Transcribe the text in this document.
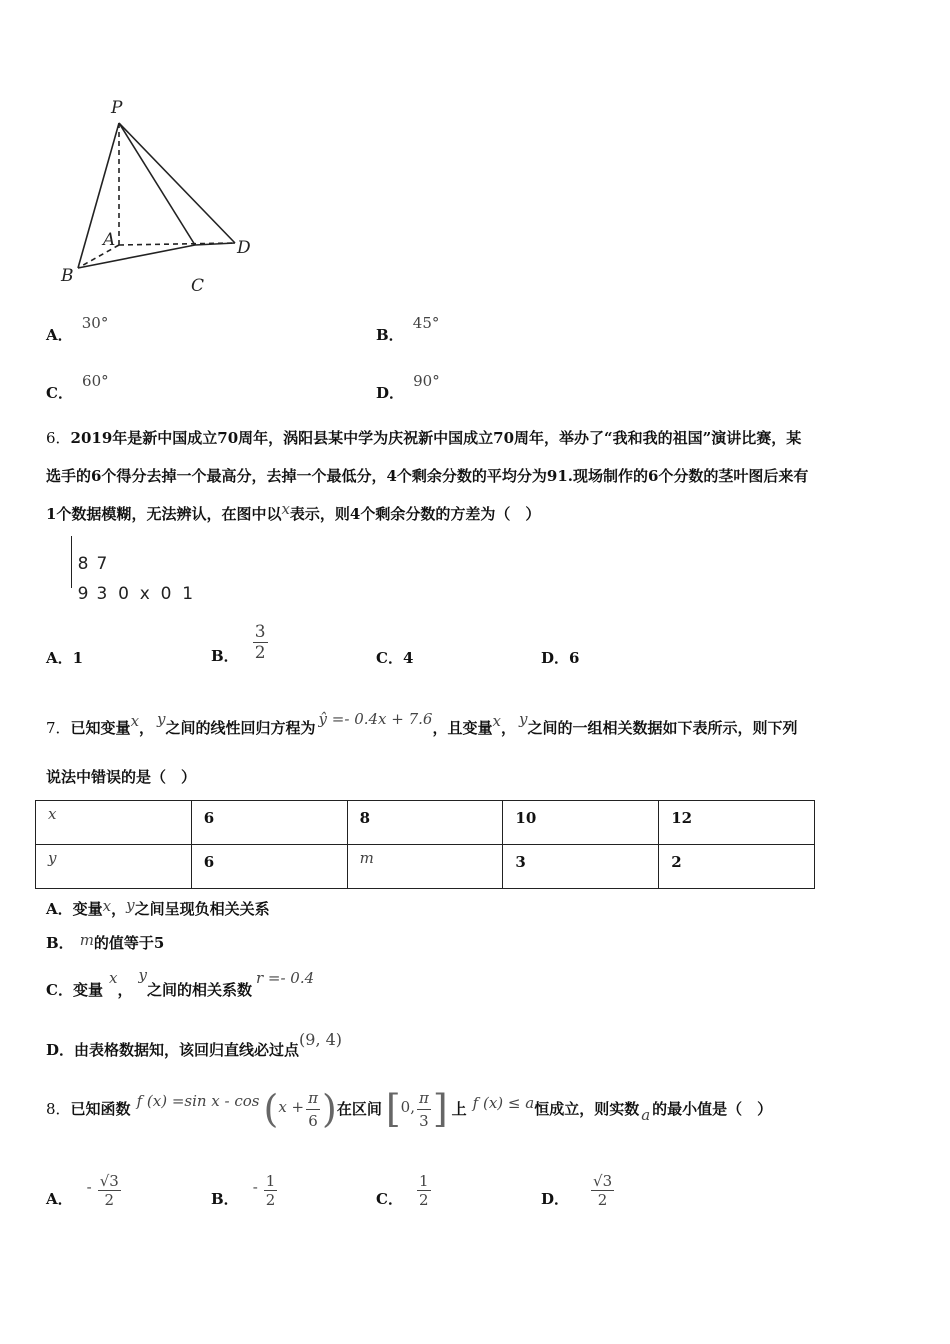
P
A
B	C
D
A． 30°
B． 45°
C． 60°
D． 90°
6．2019年是新中国成立70周年，涡阳县某中学为庆祝新中国成立70周年，举办了“我和我的祖国”演讲比赛，某
选手的6个得分去掉一个最高分，去掉一个最低分，4个剩余分数的平均分为91.现场制作的6个分数的茎叶图后来有
1个数据模糊，无法辨认，在图中以x表示，则4个剩余分数的方差为（　）

8 7

9 3  0  x  0  1

A．1	B． $\frac{3}{2}$	C．4	D．6
7．已知变量x， y之间的线性回归方程为 ŷ =- 0.4x + 7.6，且变量x， y之间的一组相关数据如下表所示，则下列
说法中错误的是（　）
x	6	8	10	12
y	6	m	3	2
A．变量x，y之间呈现负相关关系
B． m的值等于5
C．变量x，y之间的相关系数r =- 0.4
D．由表格数据知，该回归直线必过点(9, 4)
8． 已知函数 f (x) =sin x - cos ( $x + \frac{\pi}{6}$ ) 在区间 [ 0, $\frac{\pi}{3}$ ] 上 f (x) ≤ a 恒成立，则实数 a 的最小值是（　）
A．
- $\frac{√3}{2}$	B．
- $\frac{1}{2}$	C． $\frac{1}{2}$	D． $\frac{√3}{2}$
